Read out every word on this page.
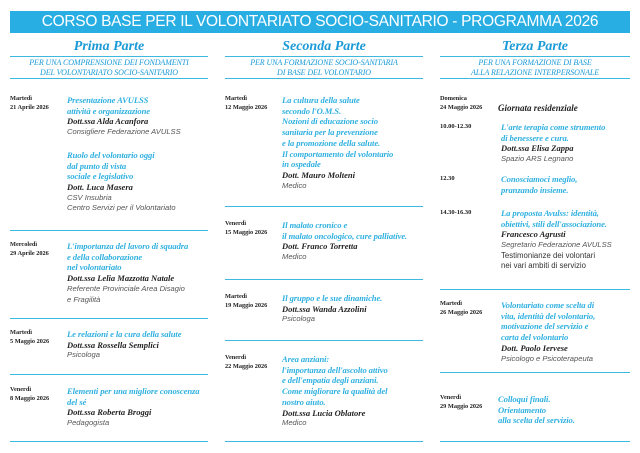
CORSO BASE PER IL VOLONTARIATO SOCIO-SANITARIO - PROGRAMMA 2026
Prima Parte
PER UNA COMPRENSIONE DEI FONDAMENTI
DEL VOLONTARIATO SOCIO-SANITARIO
Martedì
21 Aprile 2026
Presentazione AVULSS
attività e organizzazione
Dott.ssa Alda Acanfora
Consigliere Federazione AVULSS
Ruolo del volontario oggi
dal punto di vista
sociale e legislativo
Dott. Luca Masera
CSV Insubria
Centro Servizi per il Volontariato
Mercoledì
29 Aprile 2026
L'importanza del lavoro di squadra
e della collaborazione
nel volontariato
Dott.ssa Lelia Mazzotta Natale
Referente Provinciale Area Disagio
e Fragilità
Martedì
5 Maggio 2026
Le relazioni e la cura della salute
Dott.ssa Rossella Semplici
Psicologa
Venerdì
8 Maggio 2026
Elementi per una migliore conoscenza
del sé
Dott.ssa Roberta Broggi
Pedagogista
Seconda Parte
PER UNA FORMAZIONE SOCIO-SANITARIA
DI BASE DEL VOLONTARIO
Martedì
12 Maggio 2026
La cultura della salute
secondo l'O.M.S.
Nozioni di educazione socio
sanitaria per la prevenzione
e la promozione della salute.
Il comportamento del volontario
in ospedale
Dott. Mauro Molteni
Medico
Venerdì
15 Maggio 2026
Il malato cronico e
il malato oncologico, cure palliative.
Dott. Franco Torretta
Medico
Martedì
19 Maggio 2026
Il gruppo e le sue dinamiche.
Dott.ssa Wanda Azzolini
Psicologa
Venerdì
22 Maggio 2026
Area anziani:
l'importanza dell'ascolto attivo
e dell'empatia degli anziani.
Come migliorare la qualità del
nostro aiuto.
Dott.ssa Lucia Oblatore
Medico
Terza Parte
PER UNA FORMAZIONE DI BASE
ALLA RELAZIONE INTERPERSONALE
Domenica
24 Maggio 2026	Giornata residenziale
10.00-12.30	L'arte terapia come strumento
di benessere e cura.
Dott.ssa Elisa Zappa
Spazio ARS Legnano
12.30	Conosciamoci meglio,
pranzando insieme.
14.30-16.30	La proposta Avulss: identità,
obiettivi, stili dell'associazione.
Francesco Agrusti
Segretario Federazione AVULSS
Testimonianze dei volontari
nei vari ambiti di servizio
Martedì
26 Maggio 2026
Volontariato come scelta di
vita, identità del volontario,
motivazione del servizio e
carta del volontario
Dott. Paolo Iervese
Psicologo e Psicoterapeuta
Venerdì
29 Maggio 2026
Colloqui finali.
Orientamento
alla scelta del servizio.
